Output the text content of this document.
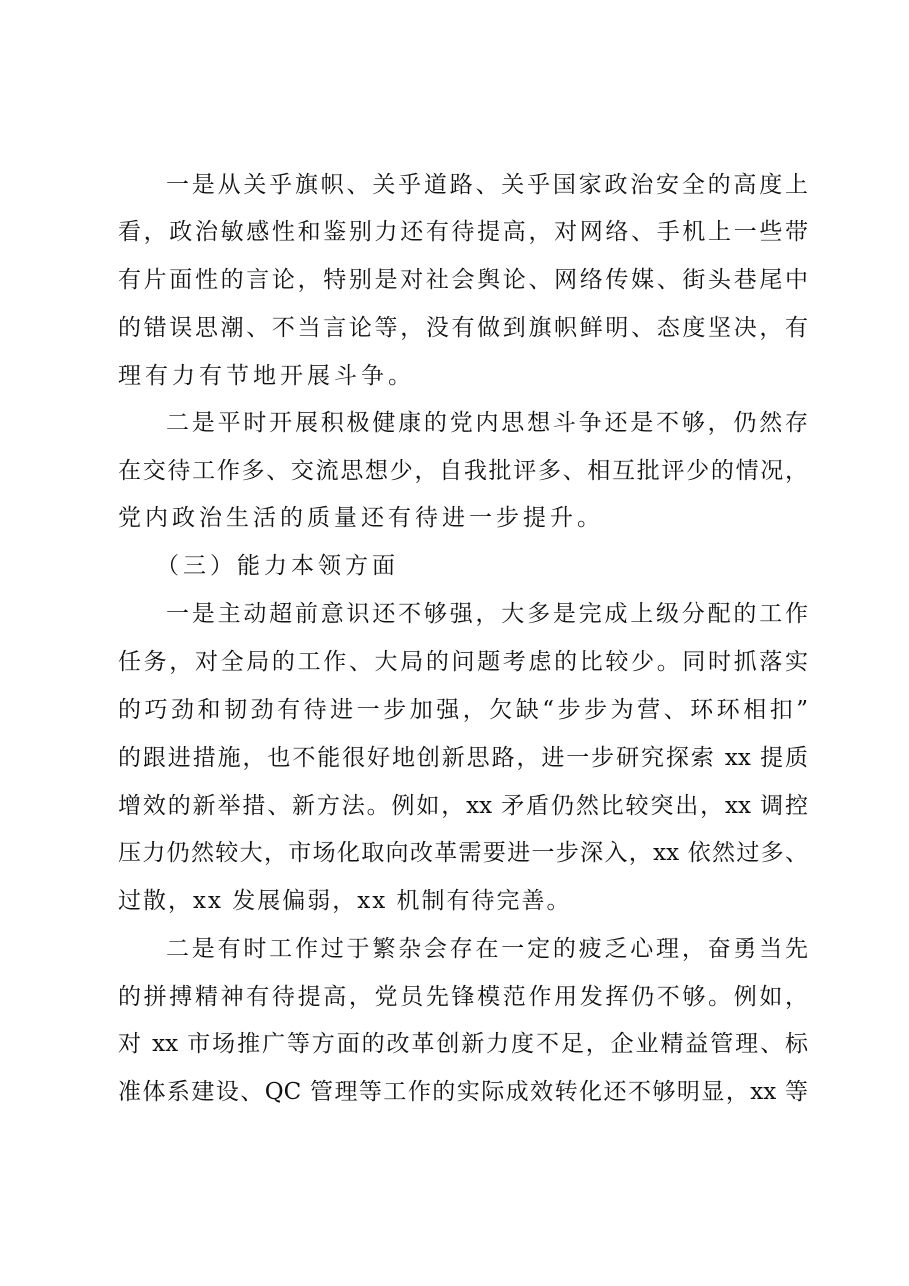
一是从关乎旗帜、关乎道路、关乎国家政治安全的高度上
看，政治敏感性和鉴别力还有待提高，对网络、手机上一些带
有片面性的言论，特别是对社会舆论、网络传媒、街头巷尾中
的错误思潮、不当言论等，没有做到旗帜鲜明、态度坚决，有
理有力有节地开展斗争。
二是平时开展积极健康的党内思想斗争还是不够，仍然存
在交待工作多、交流思想少，自我批评多、相互批评少的情况，
党内政治生活的质量还有待进一步提升。
（三）能力本领方面
一是主动超前意识还不够强，大多是完成上级分配的工作
任务，对全局的工作、大局的问题考虑的比较少。同时抓落实
的巧劲和韧劲有待进一步加强，欠缺“步步为营、环环相扣”
的跟进措施，也不能很好地创新思路，进一步研究探索 xx 提质
增效的新举措、新方法。例如，xx 矛盾仍然比较突出，xx 调控
压力仍然较大，市场化取向改革需要进一步深入，xx 依然过多、
过散，xx 发展偏弱，xx 机制有待完善。
二是有时工作过于繁杂会存在一定的疲乏心理，奋勇当先
的拼搏精神有待提高，党员先锋模范作用发挥仍不够。例如，
对 xx 市场推广等方面的改革创新力度不足，企业精益管理、标
准体系建设、QC 管理等工作的实际成效转化还不够明显，xx 等
